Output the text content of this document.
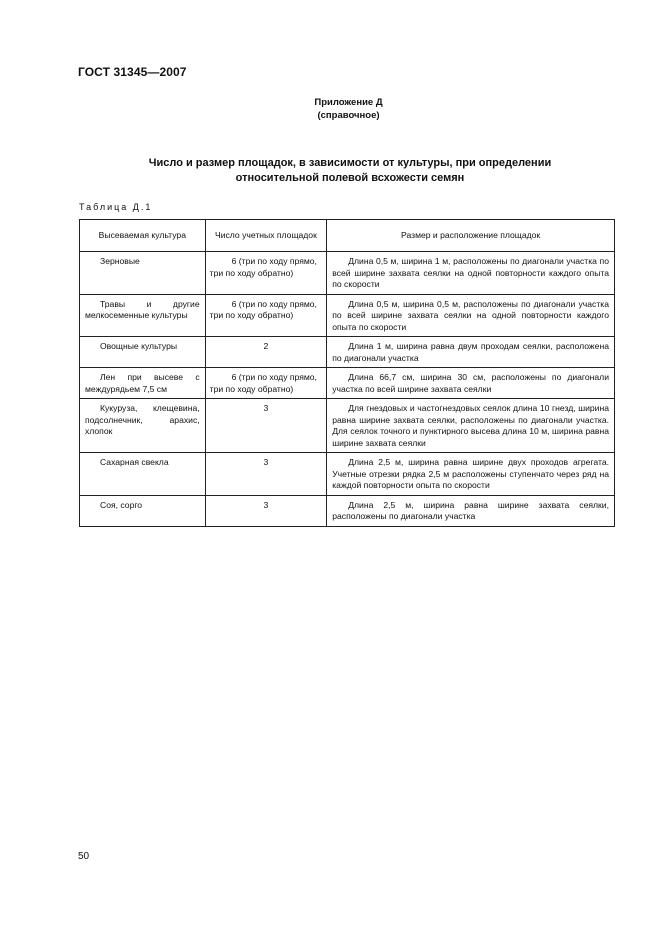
ГОСТ 31345—2007
Приложение Д
(справочное)
Число и размер площадок, в зависимости от культуры, при определении
относительной полевой всхожести семян
Таблица Д.1
Высеваемая культура	Число учетных площадок	Размер и расположение площадок
Зерновые	6 (три по ходу прямо, три по ходу обратно)	Длина 0,5 м, ширина 1 м, расположены по диагонали участка по всей ширине захвата сеялки на одной повторности каждого опыта по скорости
Травы и другие мелкосеменные культуры	6 (три по ходу прямо, три по ходу обратно)	Длина 0,5 м, ширина 0,5 м, расположены по диагонали участка по всей ширине захвата сеялки на одной повторности каждого опыта по скорости
Овощные культуры	2	Длина 1 м, ширина равна двум проходам сеялки, расположена по диагонали участка
Лен при высеве с междурядьем 7,5 см	6 (три по ходу прямо, три по ходу обратно)	Длина 66,7 см, ширина 30 см, расположены по диагонали участка по всей ширине захвата сеялки
Кукуруза, клещевина, подсолнечник, арахис, хлопок	3	Для гнездовых и частогнездовых сеялок длина 10 гнезд, ширина равна ширине захвата сеялки, расположены по диагонали участка. Для сеялок точного и пунктирного высева длина 10 м, ширина равна ширине захвата сеялки
Сахарная свекла	3	Длина 2,5 м, ширина равна ширине двух проходов агрегата. Учетные отрезки рядка 2,5 м расположены ступенчато через ряд на каждой повторности опыта по скорости
Соя, сорго	3	Длина 2,5 м, ширина равна ширине захвата сеялки, расположены по диагонали участка
50
